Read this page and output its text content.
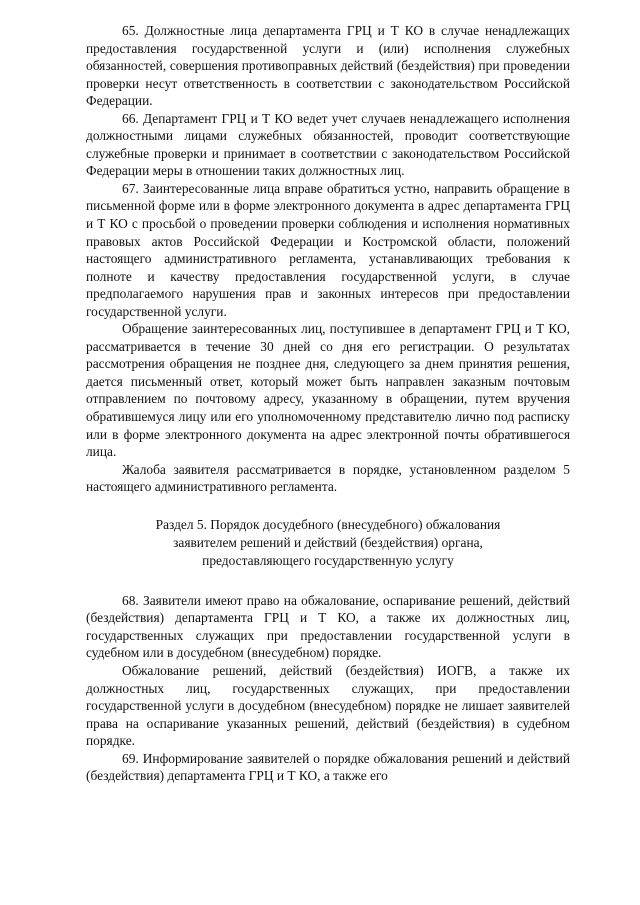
65. Должностные лица департамента ГРЦ и Т КО в случае ненадлежащих предоставления государственной услуги и (или) исполнения служебных обязанностей, совершения противоправных действий (бездействия) при проведении проверки несут ответственность в соответствии с законодательством Российской Федерации.

66. Департамент ГРЦ и Т КО ведет учет случаев ненадлежащего исполнения должностными лицами служебных обязанностей, проводит соответствующие служебные проверки и принимает в соответствии с законодательством Российской Федерации меры в отношении таких должностных лиц.

67. Заинтересованные лица вправе обратиться устно, направить обращение в письменной форме или в форме электронного документа в адрес департамента ГРЦ и Т КО с просьбой о проведении проверки соблюдения и исполнения нормативных правовых актов Российской Федерации и Костромской области, положений настоящего административного регламента, устанавливающих требования к полноте и качеству предоставления государственной услуги, в случае предполагаемого нарушения прав и законных интересов при предоставлении государственной услуги.

Обращение заинтересованных лиц, поступившее в департамент ГРЦ и Т КО, рассматривается в течение 30 дней со дня его регистрации. О результатах рассмотрения обращения не позднее дня, следующего за днем принятия решения, дается письменный ответ, который может быть направлен заказным почтовым отправлением по почтовому адресу, указанному в обращении, путем вручения обратившемуся лицу или его уполномоченному представителю лично под расписку или в форме электронного документа на адрес электронной почты обратившегося лица.

Жалоба заявителя рассматривается в порядке, установленном разделом 5 настоящего административного регламента.

Раздел 5. Порядок досудебного (внесудебного) обжалования
заявителем решений и действий (бездействия) органа,
предоставляющего государственную услугу

68. Заявители имеют право на обжалование, оспаривание решений, действий (бездействия) департамента ГРЦ и Т КО, а также их должностных лиц, государственных служащих при предоставлении государственной услуги в судебном или в досудебном (внесудебном) порядке.

Обжалование решений, действий (бездействия) ИОГВ, а также их должностных лиц, государственных служащих, при предоставлении государственной услуги в досудебном (внесудебном) порядке не лишает заявителей права на оспаривание указанных решений, действий (бездействия) в судебном порядке.

69. Информирование заявителей о порядке обжалования решений и действий (бездействия) департамента ГРЦ и Т КО, а также его
